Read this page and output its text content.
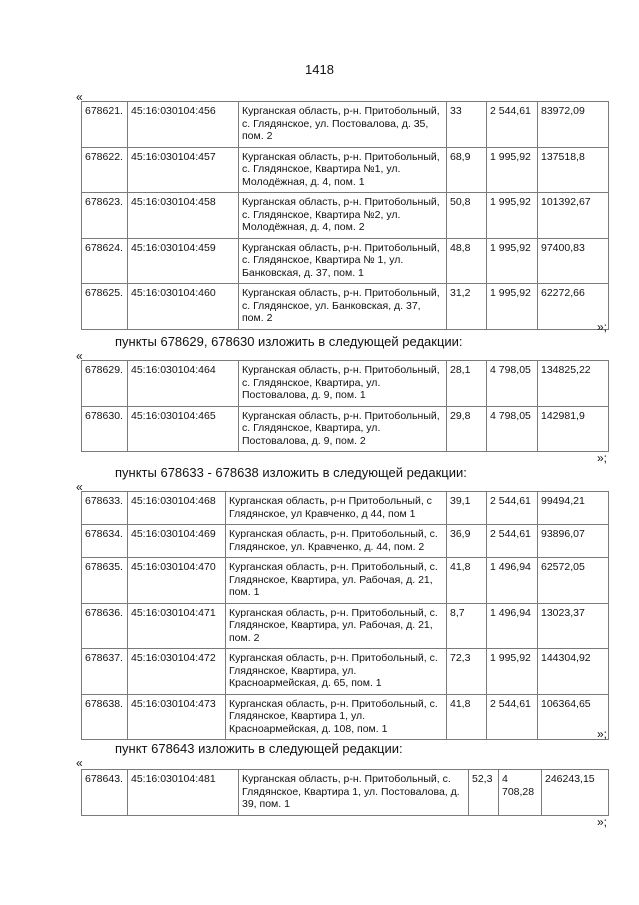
1418
«
678621.	45:16:030104:456	Курганская область, р-н. Притобольный, с. Глядянское, ул. Постовалова, д. 35, пом. 2	33	2 544,61	83972,09
678622.	45:16:030104:457	Курганская область, р-н. Притобольный, с. Глядянское, Квартира №1, ул. Молодёжная, д. 4, пом. 1	68,9	1 995,92	137518,8
678623.	45:16:030104:458	Курганская область, р-н. Притобольный, с. Глядянское, Квартира №2, ул. Молодёжная, д. 4, пом. 2	50,8	1 995,92	101392,67
678624.	45:16:030104:459	Курганская область, р-н. Притобольный, с. Глядянское, Квартира № 1, ул. Банковская, д. 37, пом. 1	48,8	1 995,92	97400,83
678625.	45:16:030104:460	Курганская область, р-н. Притобольный, с. Глядянское, ул. Банковская, д. 37, пом. 2	31,2	1 995,92	62272,66
»;
пункты 678629, 678630 изложить в следующей редакции:
«
678629.	45:16:030104:464	Курганская область, р-н. Притобольный, с. Глядянское, Квартира, ул. Постовалова, д. 9, пом. 1	28,1	4 798,05	134825,22
678630.	45:16:030104:465	Курганская область, р-н. Притобольный, с. Глядянское, Квартира, ул. Постовалова, д. 9, пом. 2	29,8	4 798,05	142981,9
»;
пункты 678633 - 678638 изложить в следующей редакции:
«
678633.	45:16:030104:468	Курганская область, р-н Притобольный, с Глядянское, ул Кравченко, д 44, пом 1	39,1	2 544,61	99494,21
678634.	45:16:030104:469	Курганская область, р-н. Притобольный, с. Глядянское, ул. Кравченко, д. 44, пом. 2	36,9	2 544,61	93896,07
678635.	45:16:030104:470	Курганская область, р-н. Притобольный, с. Глядянское, Квартира, ул. Рабочая, д. 21, пом. 1	41,8	1 496,94	62572,05
678636.	45:16:030104:471	Курганская область, р-н. Притобольный, с. Глядянское, Квартира, ул. Рабочая, д. 21, пом. 2	8,7	1 496,94	13023,37
678637.	45:16:030104:472	Курганская область, р-н. Притобольный, с. Глядянское, Квартира, ул. Красноармейская, д. 65, пом. 1	72,3	1 995,92	144304,92
678638.	45:16:030104:473	Курганская область, р-н. Притобольный, с. Глядянское, Квартира 1, ул. Красноармейская, д. 108, пом. 1	41,8	2 544,61	106364,65
»;
пункт 678643 изложить в следующей редакции:
«
678643.	45:16:030104:481	Курганская область, р-н. Притобольный, с. Глядянское, Квартира 1, ул. Постовалова, д. 39, пом. 1	52,3	4 708,28	246243,15
»;
